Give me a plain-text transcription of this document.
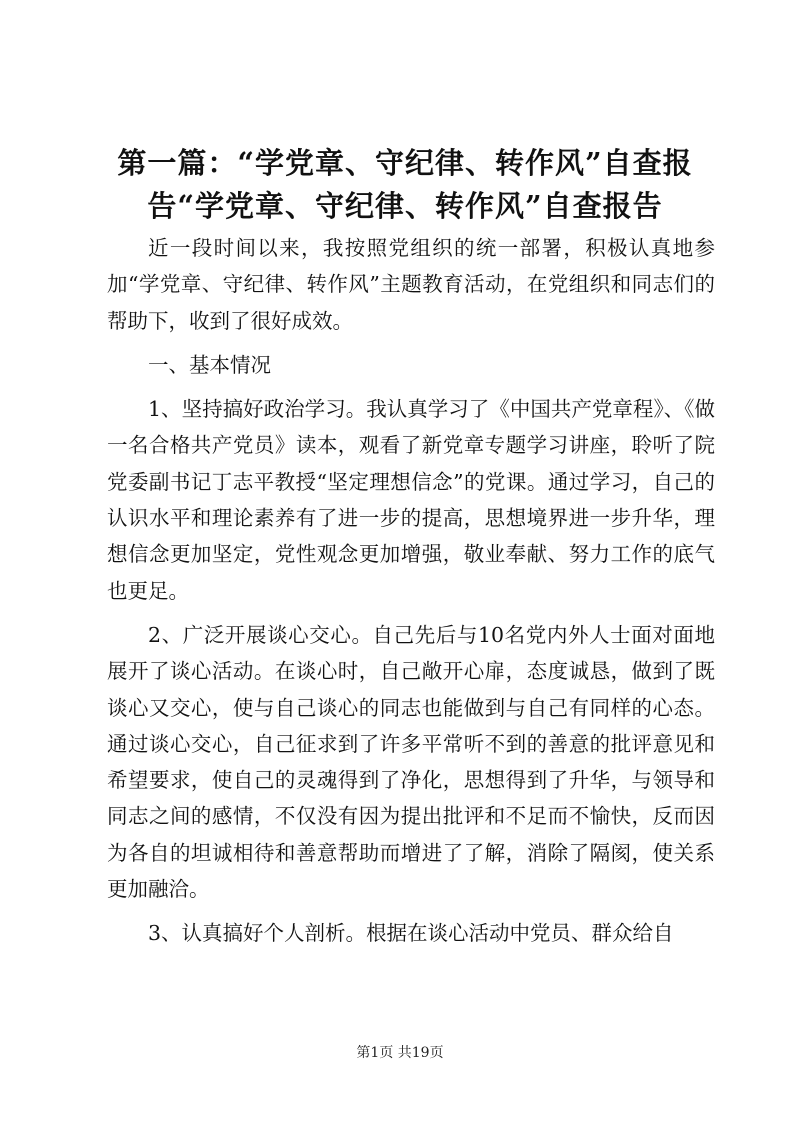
第一篇：“学党章、守纪律、转作风”自查报告“学党章、守纪律、转作风”自查报告

近一段时间以来，我按照党组织的统一部署，积极认真地参加“学党章、守纪律、转作风”主题教育活动，在党组织和同志们的帮助下，收到了很好成效。

一、基本情况

1、坚持搞好政治学习。我认真学习了《中国共产党章程》、《做一名合格共产党员》读本，观看了新党章专题学习讲座，聆听了院党委副书记丁志平教授“坚定理想信念”的党课。通过学习，自己的认识水平和理论素养有了进一步的提高，思想境界进一步升华，理想信念更加坚定，党性观念更加增强，敬业奉献、努力工作的底气也更足。

2、广泛开展谈心交心。自己先后与10名党内外人士面对面地展开了谈心活动。在谈心时，自己敞开心扉，态度诚恳，做到了既谈心又交心，使与自己谈心的同志也能做到与自己有同样的心态。通过谈心交心，自己征求到了许多平常听不到的善意的批评意见和希望要求，使自己的灵魂得到了净化，思想得到了升华，与领导和同志之间的感情，不仅没有因为提出批评和不足而不愉快，反而因为各自的坦诚相待和善意帮助而增进了了解，消除了隔阂，使关系更加融洽。

3、认真搞好个人剖析。根据在谈心活动中党员、群众给自

第1页 共19页
